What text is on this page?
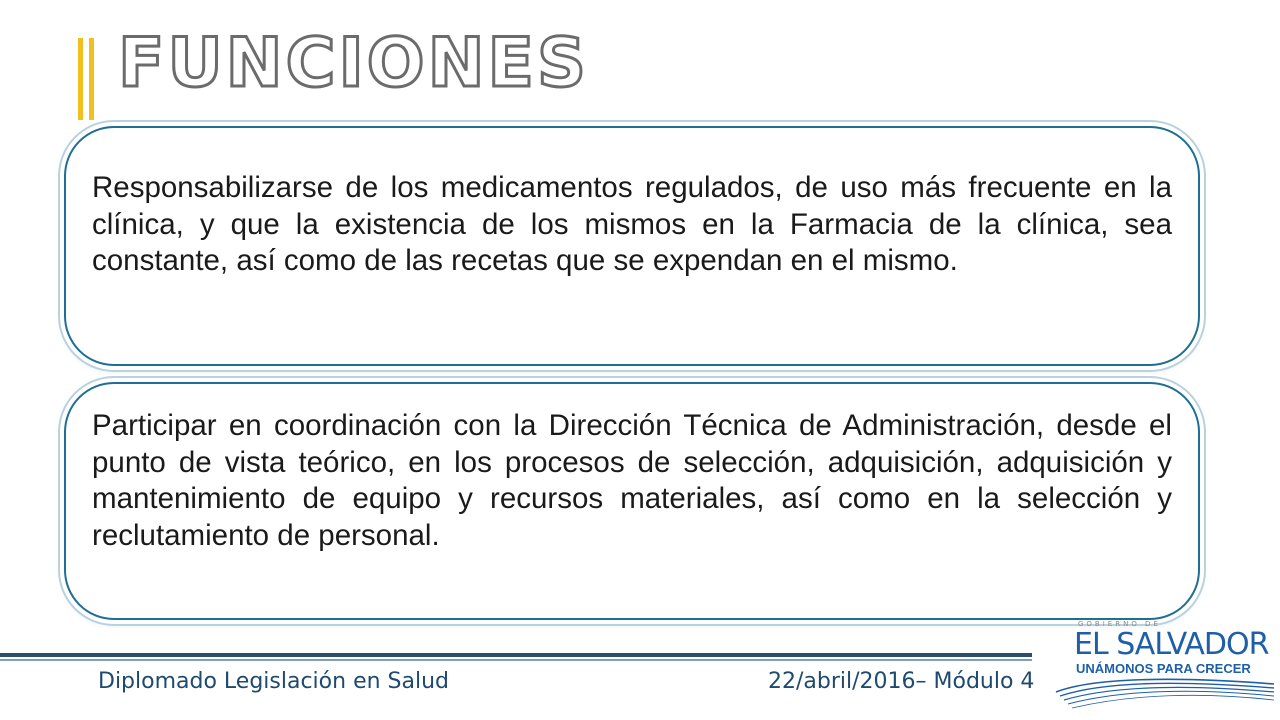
FUNCIONES

Responsabilizarse de los medicamentos regulados, de uso más frecuente en la clínica, y que la existencia de los mismos en la Farmacia de la clínica, sea constante, así como de las recetas que se expendan en el mismo.

Participar en coordinación con la Dirección Técnica de Administración, desde el punto de vista teórico, en los procesos de selección, adquisición, adquisición y mantenimiento de equipo y recursos materiales, así como en la selección y reclutamiento de personal.

Diplomado Legislación en Salud	22/abril/2016– Módulo 4
GOBIERNO DE
EL SALVADOR
UNÁMONOS PARA CRECER
